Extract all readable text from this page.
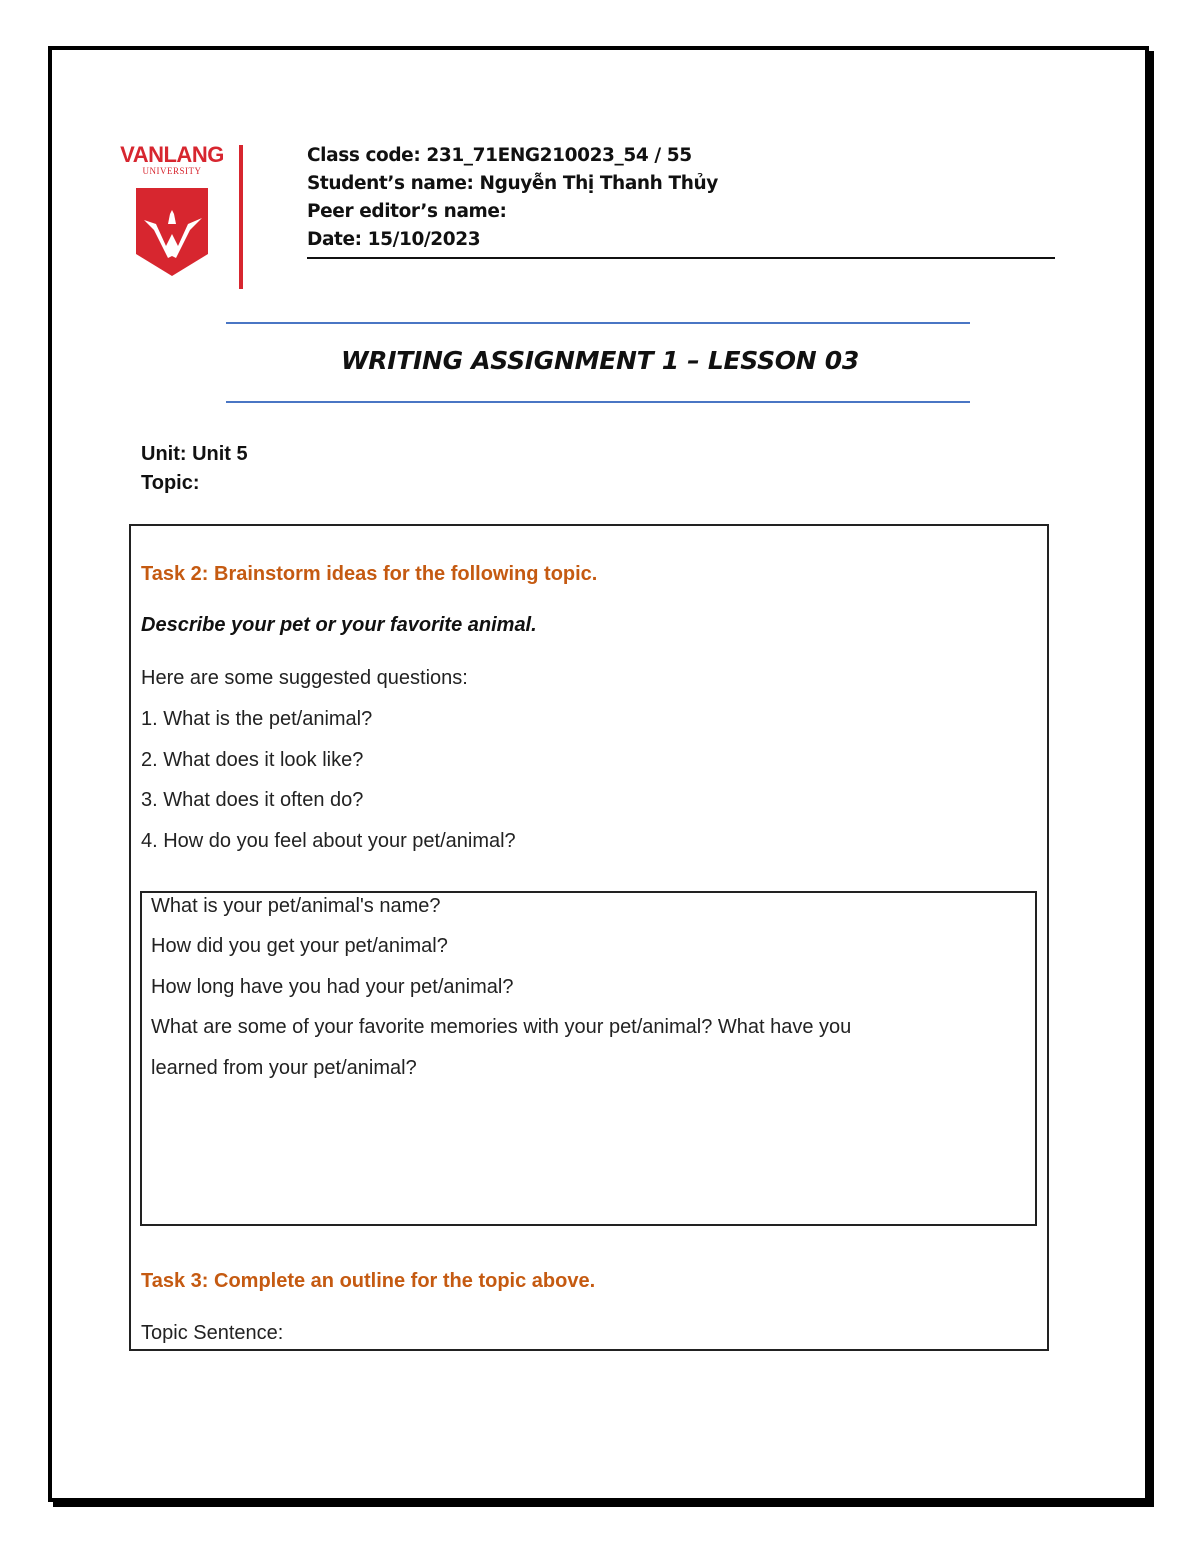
VANLANG
UNIVERSITY
Class code: 231_71ENG210023_54 / 55
Student’s name: Nguyễn Thị Thanh Thủy
Peer editor’s name:
Date: 15/10/2023
WRITING ASSIGNMENT 1 – LESSON 03
Unit: Unit 5
Topic:
Task 2: Brainstorm ideas for the following topic.
Describe your pet or your favorite animal.
Here are some suggested questions:
1. What is the pet/animal?
2. What does it look like?
3. What does it often do?
4. How do you feel about your pet/animal?
What is your pet/animal's name?
How did you get your pet/animal?
How long have you had your pet/animal?
What are some of your favorite memories with your pet/animal? What have you
learned from your pet/animal?
Task 3: Complete an outline for the topic above.
Topic Sentence:
